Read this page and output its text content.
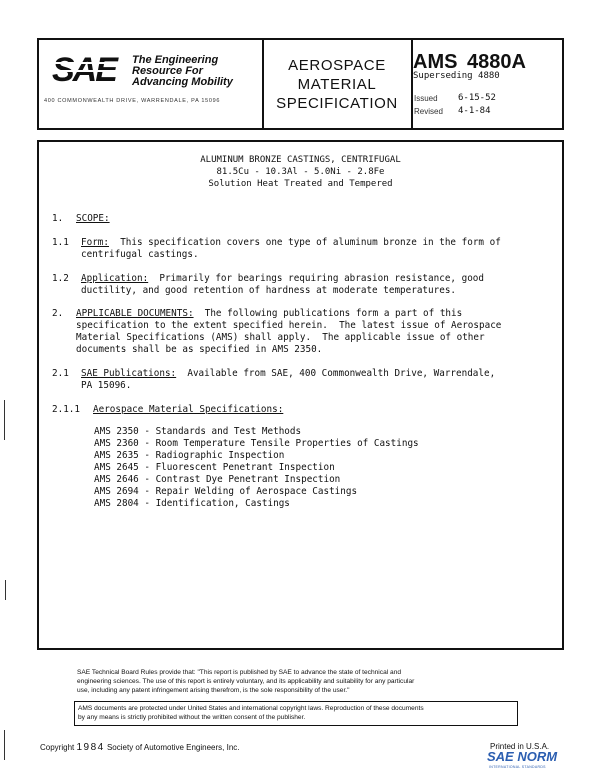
SAE	The Engineering
Resource For
Advancing Mobility
400 COMMONWEALTH DRIVE, WARRENDALE, PA 15096
AEROSPACE
MATERIAL
SPECIFICATION
AMS 4880A
Superseding 4880
Issued 6-15-52
Revised 4-1-84
ALUMINUM BRONZE CASTINGS, CENTRIFUGAL
81.5Cu - 10.3Al - 5.0Ni - 2.8Fe
Solution Heat Treated and Tempered
1. SCOPE:
1.1 Form:  This specification covers one type of aluminum bronze in the form of
centrifugal castings.
1.2 Application:  Primarily for bearings requiring abrasion resistance, good
ductility, and good retention of hardness at moderate temperatures.
2. APPLICABLE DOCUMENTS:  The following publications form a part of this
specification to the extent specified herein.  The latest issue of Aerospace
Material Specifications (AMS) shall apply.  The applicable issue of other
documents shall be as specified in AMS 2350.
2.1 SAE Publications:  Available from SAE, 400 Commonwealth Drive, Warrendale,
PA 15096.
2.1.1 Aerospace Material Specifications:
AMS 2350 - Standards and Test Methods
AMS 2360 - Room Temperature Tensile Properties of Castings
AMS 2635 - Radiographic Inspection
AMS 2645 - Fluorescent Penetrant Inspection
AMS 2646 - Contrast Dye Penetrant Inspection
AMS 2694 - Repair Welding of Aerospace Castings
AMS 2804 - Identification, Castings
SAE Technical Board Rules provide that: "This report is published by SAE to advance the state of technical and
engineering sciences. The use of this report is entirely voluntary, and its applicability and suitability for any particular
use, including any patent infringement arising therefrom, is the sole responsibility of the user."
AMS documents are protected under United States and international copyright laws. Reproduction of these documents
by any means is strictly prohibited without the written consent of the publisher.
Copyright 1984 Society of Automotive Engineers, Inc.	Printed in U.S.A.
SAE NORM
INTERNATIONAL STANDARDS
